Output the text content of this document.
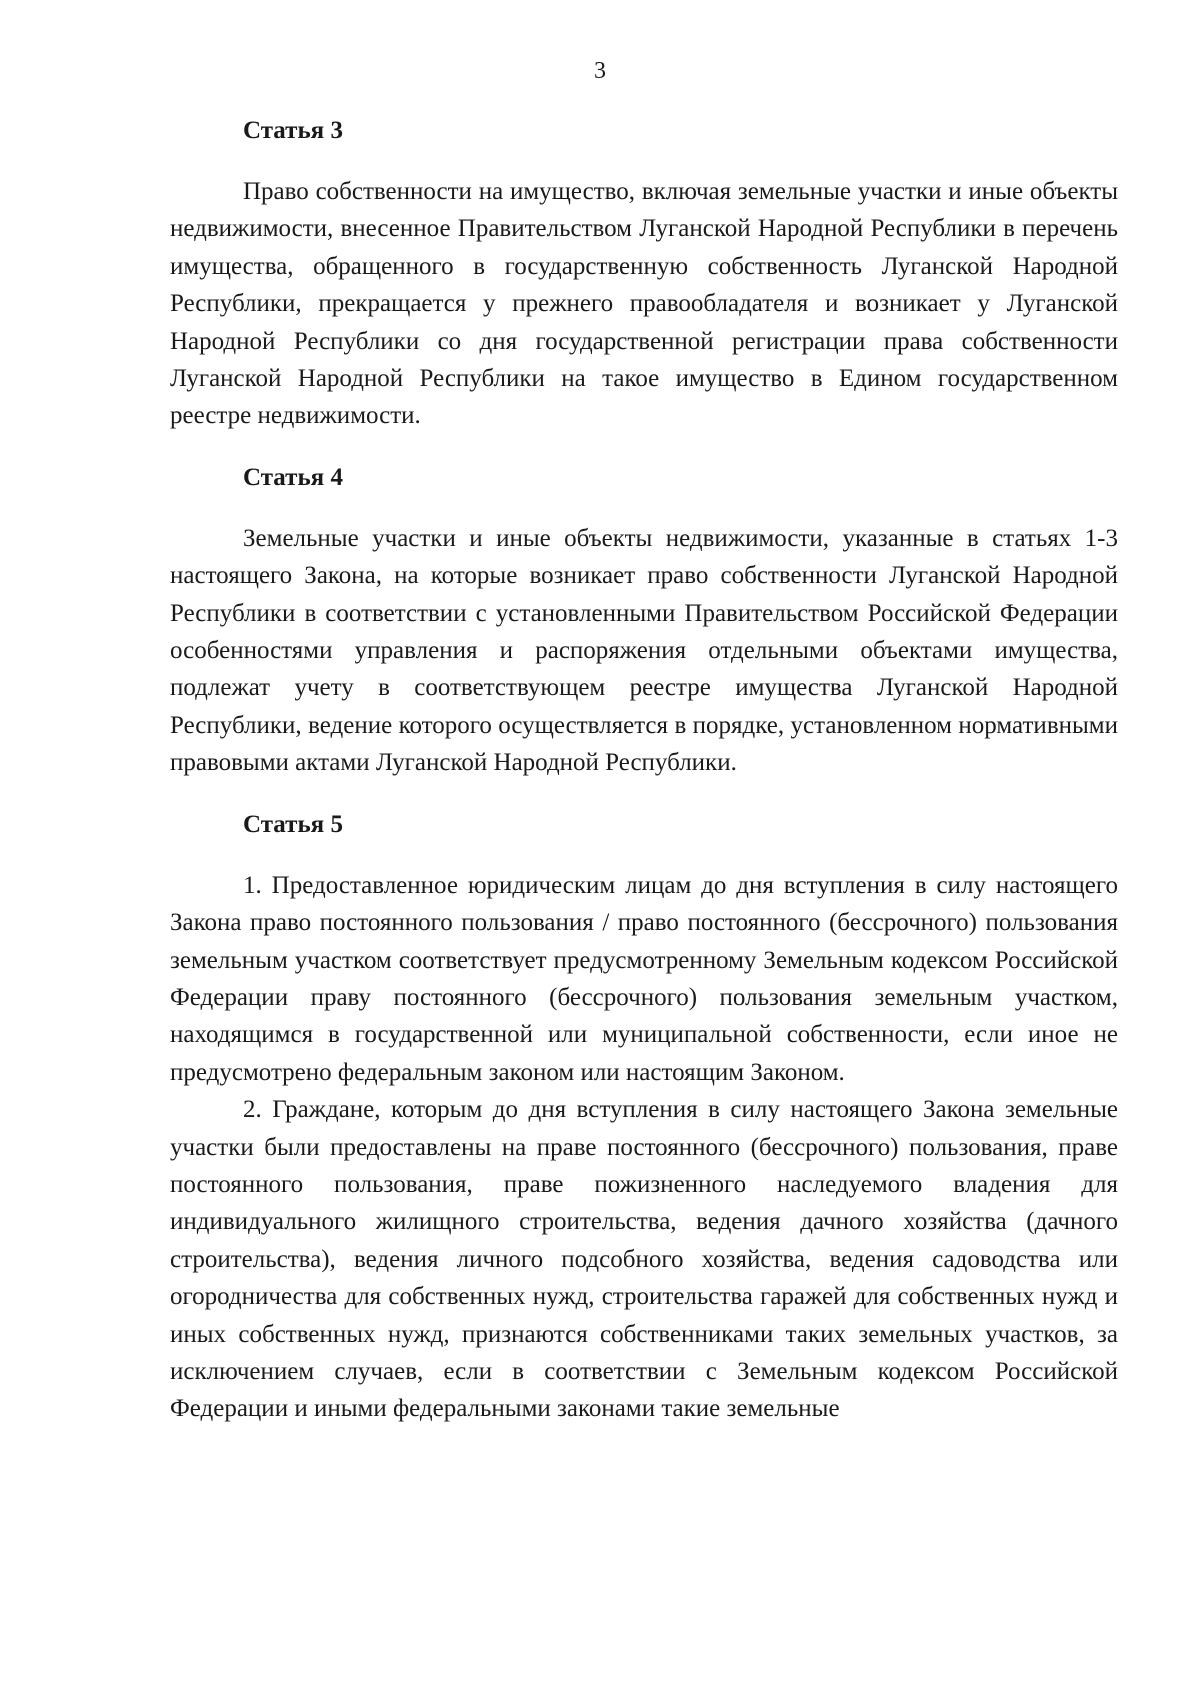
3
Статья 3

Право собственности на имущество, включая земельные участки и иные объекты недвижимости, внесенное Правительством Луганской Народной Республики в перечень имущества, обращенного в государственную собственность Луганской Народной Республики, прекращается у прежнего правообладателя и возникает у Луганской Народной Республики со дня государственной регистрации права собственности Луганской Народной Республики на такое имущество в Едином государственном реестре недвижимости.

Статья 4

Земельные участки и иные объекты недвижимости, указанные в статьях 1-3 настоящего Закона, на которые возникает право собственности Луганской Народной Республики в соответствии с установленными Правительством Российской Федерации особенностями управления и распоряжения отдельными объектами имущества, подлежат учету в соответствующем реестре имущества Луганской Народной Республики, ведение которого осуществляется в порядке, установленном нормативными правовыми актами Луганской Народной Республики.

Статья 5

1. Предоставленное юридическим лицам до дня вступления в силу настоящего Закона право постоянного пользования / право постоянного (бессрочного) пользования земельным участком соответствует предусмотренному Земельным кодексом Российской Федерации праву постоянного (бессрочного) пользования земельным участком, находящимся в государственной или муниципальной собственности, если иное не предусмотрено федеральным законом или настоящим Законом.

2. Граждане, которым до дня вступления в силу настоящего Закона земельные участки были предоставлены на праве постоянного (бессрочного) пользования, праве постоянного пользования, праве пожизненного наследуемого владения для индивидуального жилищного строительства, ведения дачного хозяйства (дачного строительства), ведения личного подсобного хозяйства, ведения садоводства или огородничества для собственных нужд, строительства гаражей для собственных нужд и иных собственных нужд, признаются собственниками таких земельных участков, за исключением случаев, если в соответствии с Земельным кодексом Российской Федерации и иными федеральными законами такие земельные
